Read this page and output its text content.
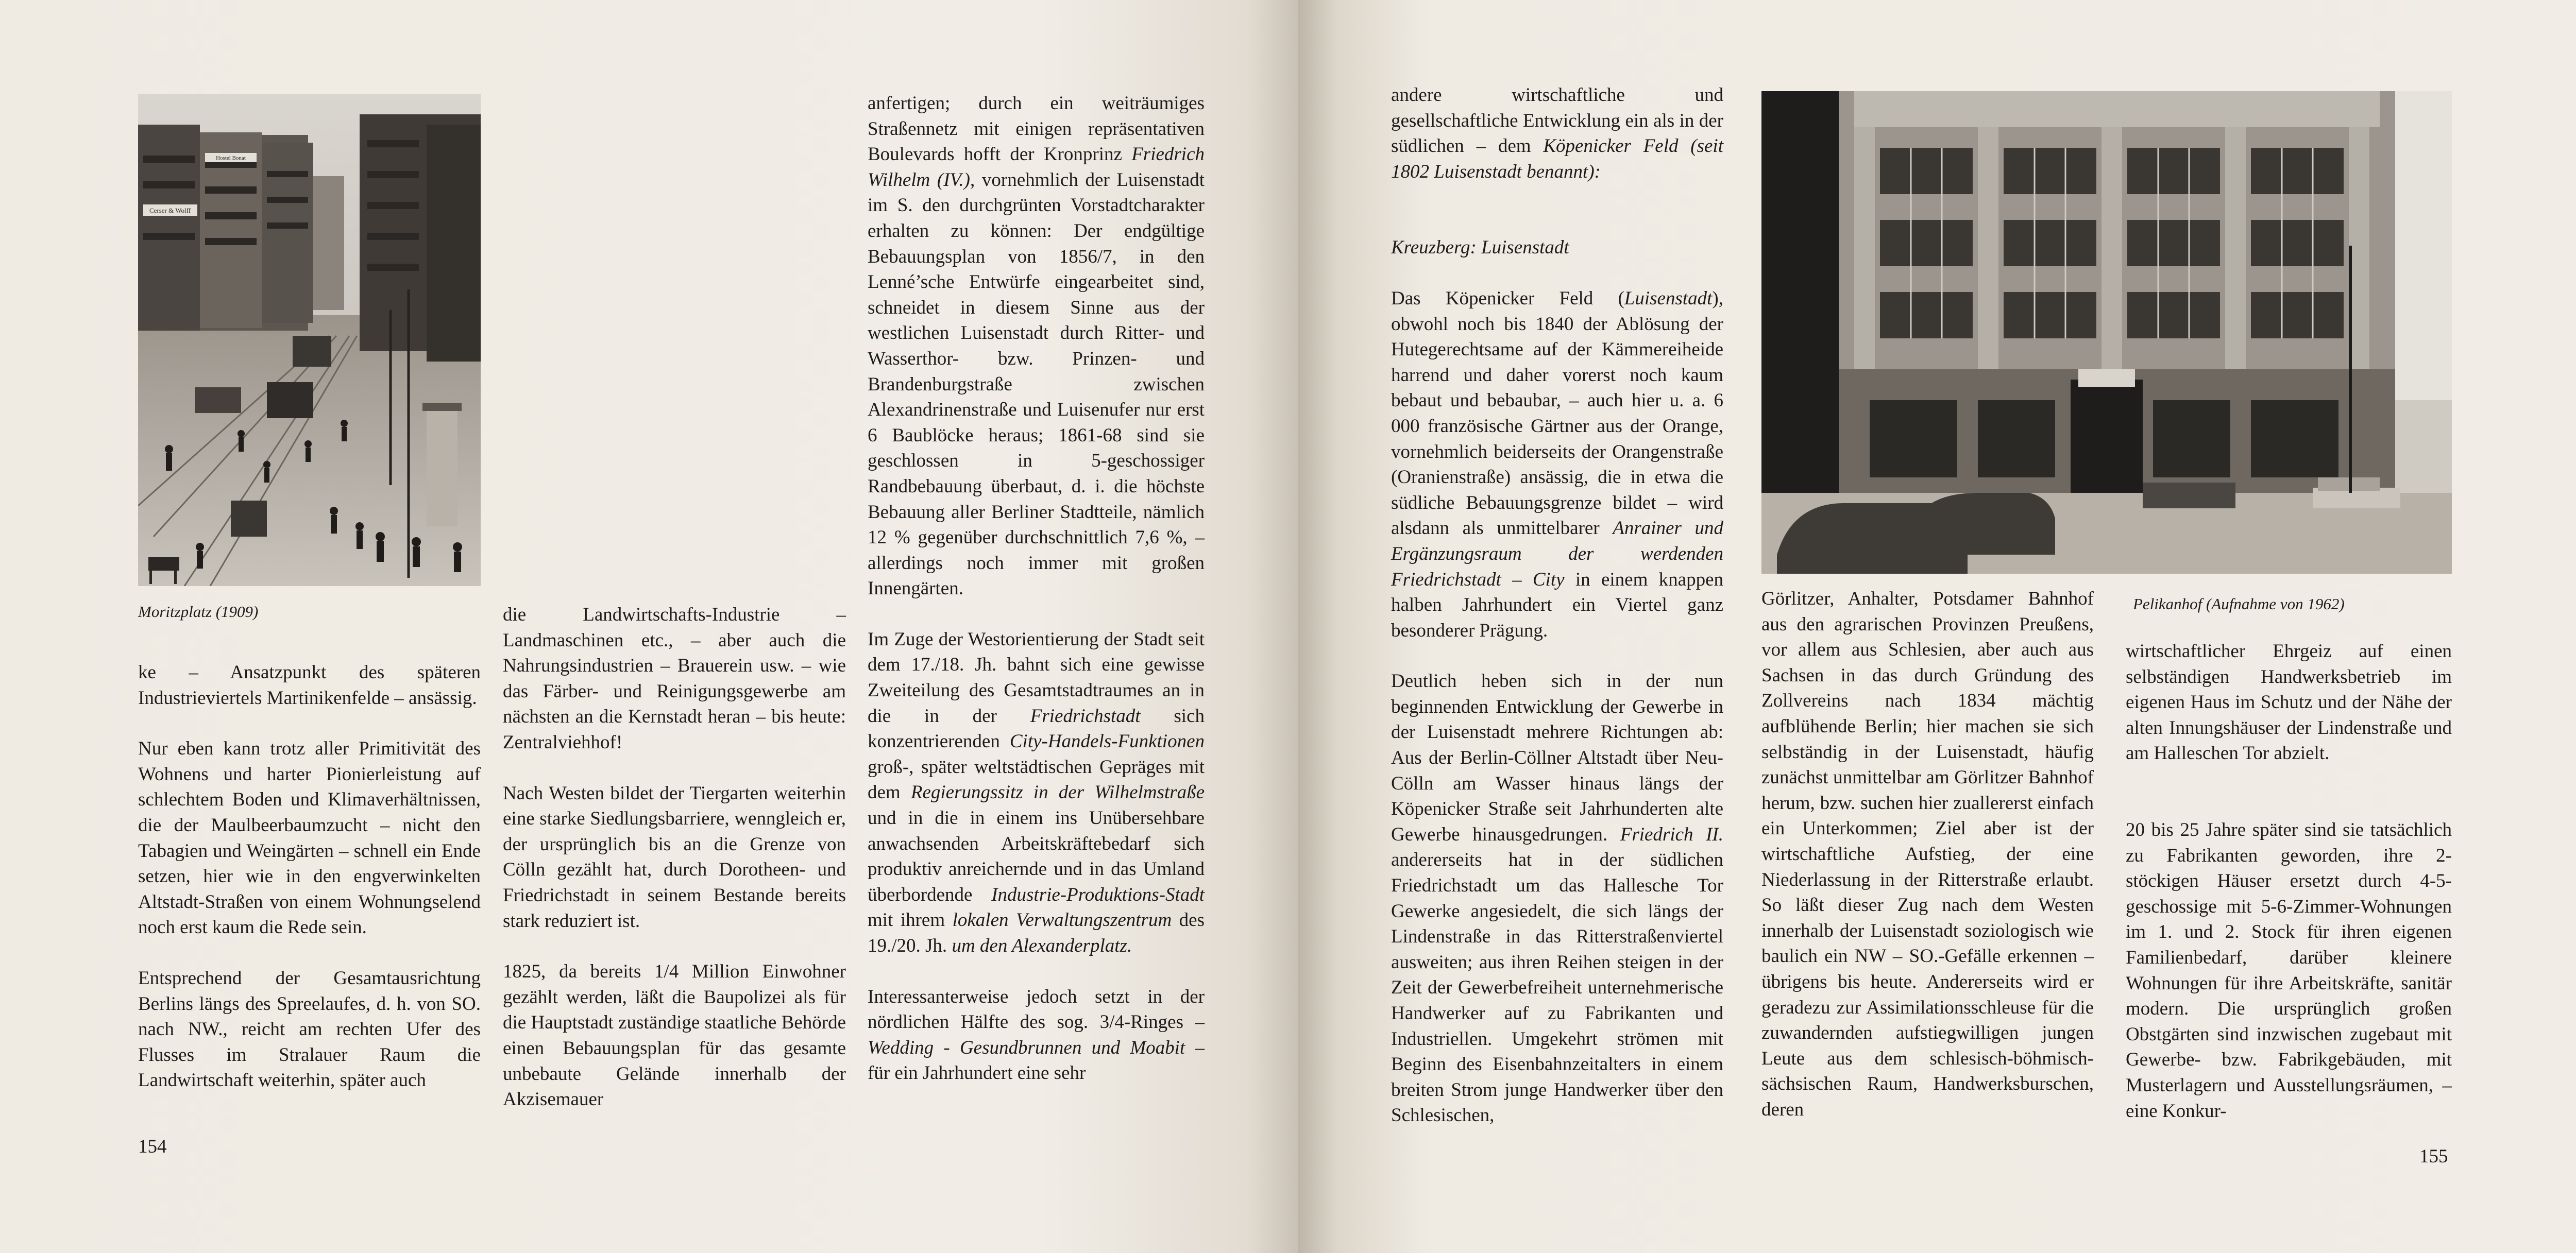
Cerser & Wolff
Hostel Bonat
Moritzplatz (1909)

ke – Ansatzpunkt des späteren Industrieviertels Martinikenfelde – ansässig.

Nur eben kann trotz aller Primitivität des Wohnens und harter Pionierleistung auf schlechtem Boden und Klimaverhältnissen, die der Maulbeerbaumzucht – nicht den Tabagien und Weingärten – schnell ein Ende setzen, hier wie in den engverwinkelten Altstadt-Straßen von einem Wohnungselend noch erst kaum die Rede sein.

Entsprechend der Gesamtausrichtung Berlins längs des Spreelaufes, d. h. von SO. nach NW., reicht am rechten Ufer des Flusses im Stralauer Raum die Landwirtschaft weiterhin, später auch

die Landwirtschafts-Industrie – Landmaschinen etc., – aber auch die Nahrungsindustrien – Brauerein usw. – wie das Färber- und Reinigungsgewerbe am nächsten an die Kernstadt heran – bis heute: Zentralviehhof!

Nach Westen bildet der Tiergarten weiterhin eine starke Siedlungsbarriere, wenngleich er, der ursprünglich bis an die Grenze von Cölln gezählt hat, durch Dorotheen- und Friedrichstadt in seinem Bestande bereits stark reduziert ist.

1825, da bereits 1/4 Million Einwohner gezählt werden, läßt die Baupolizei als für die Hauptstadt zuständige staatliche Behörde einen Bebauungsplan für das gesamte unbebaute Gelände innerhalb der Akzisemauer

anfertigen; durch ein weiträumiges Straßennetz mit einigen repräsentativen Boulevards hofft der Kronprinz Friedrich Wilhelm (IV.), vornehmlich der Luisenstadt im S. den durchgrünten Vorstadtcharakter erhalten zu können: Der endgültige Bebauungsplan von 1856/7, in den Lenné’sche Entwürfe eingearbeitet sind, schneidet in diesem Sinne aus der westlichen Luisenstadt durch Ritter- und Wasserthor- bzw. Prinzen- und Brandenburgstraße zwischen Alexandrinenstraße und Luisenufer nur erst 6 Baublöcke heraus; 1861-68 sind sie geschlossen in 5-geschossiger Randbebauung überbaut, d. i. die höchste Bebauung aller Berliner Stadtteile, nämlich 12 % gegenüber durchschnittlich 7,6 %, – allerdings noch immer mit großen Innengärten.

Im Zuge der Westorientierung der Stadt seit dem 17./18. Jh. bahnt sich eine gewisse Zweiteilung des Gesamtstadtraumes an in die in der Friedrichstadt sich konzentrierenden City-Handels-Funktionen groß-, später weltstädtischen Gepräges mit dem Regierungssitz in der Wilhelmstraße und in die in einem ins Unübersehbare anwachsenden Arbeitskräftebedarf sich produktiv anreichernde und in das Umland überbordende Industrie-Produktions-Stadt mit ihrem lokalen Verwaltungszentrum des 19./20. Jh. um den Alexanderplatz.

Interessanterweise jedoch setzt in der nördlichen Hälfte des sog. 3/4-Ringes – Wedding - Gesundbrunnen und Moabit – für ein Jahrhundert eine sehr

154

andere wirtschaftliche und gesellschaftliche Entwicklung ein als in der südlichen – dem Köpenicker Feld (seit 1802 Luisenstadt benannt):

Kreuzberg: Luisenstadt

Das Köpenicker Feld (Luisenstadt), obwohl noch bis 1840 der Ablösung der Hutegerechtsame auf der Kämmereiheide harrend und daher vorerst noch kaum bebaut und bebaubar, – auch hier u. a. 6 000 französische Gärtner aus der Orange, vornehmlich beiderseits der Orangenstraße (Oranienstraße) ansässig, die in etwa die südliche Bebauungsgrenze bildet – wird alsdann als unmittelbarer Anrainer und Ergänzungsraum der werdenden Friedrichstadt – City in einem knappen halben Jahrhundert ein Viertel ganz besonderer Prägung.

Deutlich heben sich in der nun beginnenden Entwicklung der Gewerbe in der Luisenstadt mehrere Richtungen ab: Aus der Berlin-Cöllner Altstadt über Neu-Cölln am Wasser hinaus längs der Köpenicker Straße seit Jahrhunderten alte Gewerbe hinausgedrungen. Friedrich II. andererseits hat in der südlichen Friedrichstadt um das Hallesche Tor Gewerke angesiedelt, die sich längs der Lindenstraße in das Ritterstraßenviertel ausweiten; aus ihren Reihen steigen in der Zeit der Gewerbefreiheit unternehmerische Handwerker auf zu Fabrikanten und Industriellen. Umgekehrt strömen mit Beginn des Eisenbahnzeitalters in einem breiten Strom junge Handwerker über den Schlesischen,

Pelikanhof (Aufnahme von 1962)

Görlitzer, Anhalter, Potsdamer Bahnhof aus den agrarischen Provinzen Preußens, vor allem aus Schlesien, aber auch aus Sachsen in das durch Gründung des Zollvereins nach 1834 mächtig aufblühende Berlin; hier machen sie sich selbständig in der Luisenstadt, häufig zunächst unmittelbar am Görlitzer Bahnhof herum, bzw. suchen hier zuallererst einfach ein Unterkommen; Ziel aber ist der wirtschaftliche Aufstieg, der eine Niederlassung in der Ritterstraße erlaubt. So läßt dieser Zug nach dem Westen innerhalb der Luisenstadt soziologisch wie baulich ein NW – SO.-Gefälle erkennen – übrigens bis heute. Andererseits wird er geradezu zur Assimilationsschleuse für die zuwandernden aufstiegwilligen jungen Leute aus dem schlesisch-böhmisch-sächsischen Raum, Handwerksburschen, deren

wirtschaftlicher Ehrgeiz auf einen selbständigen Handwerksbetrieb im eigenen Haus im Schutz und der Nähe der alten Innungshäuser der Lindenstraße und am Halleschen Tor abzielt.

20 bis 25 Jahre später sind sie tatsächlich zu Fabrikanten geworden, ihre 2-stöckigen Häuser ersetzt durch 4-5-geschossige mit 5-6-Zimmer-Wohnungen im 1. und 2. Stock für ihren eigenen Familienbedarf, darüber kleinere Wohnungen für ihre Arbeitskräfte, sanitär modern. Die ursprünglich großen Obstgärten sind inzwischen zugebaut mit Gewerbe- bzw. Fabrikgebäuden, mit Musterlagern und Ausstellungsräumen, – eine Konkur-

155
